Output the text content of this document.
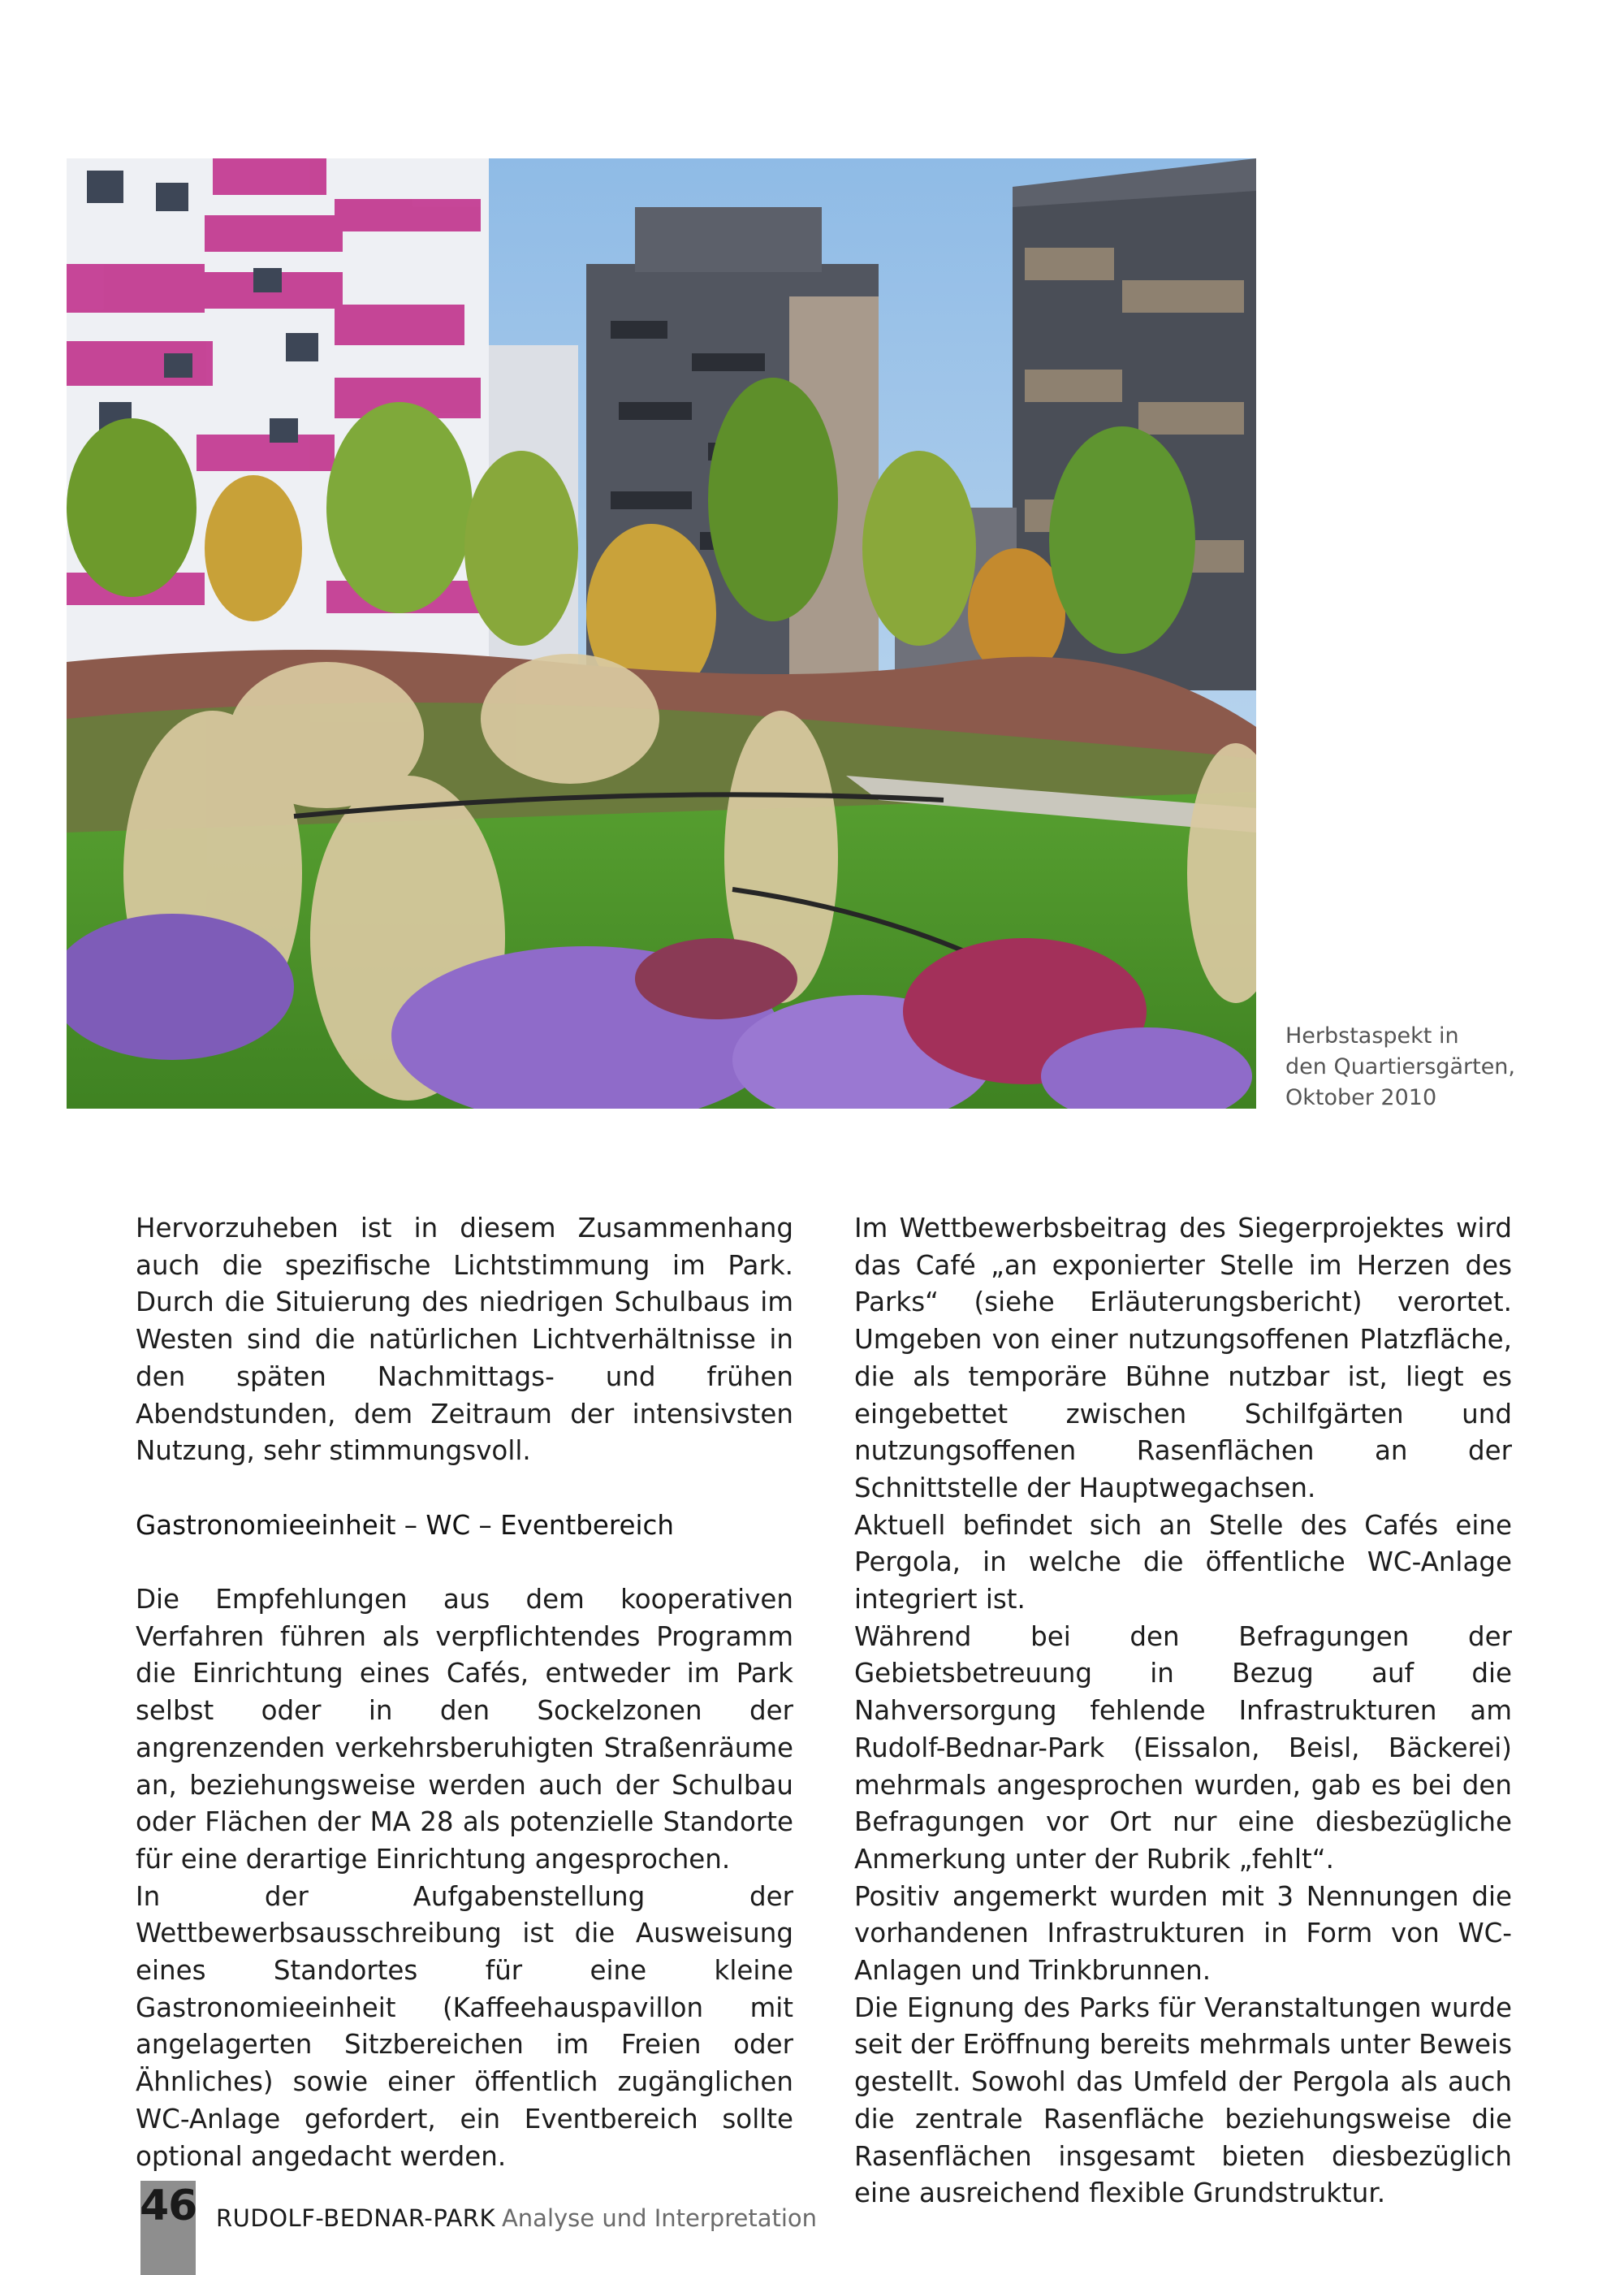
Herbstaspekt in
den Quartiersgärten,
Oktober 2010

Hervorzuheben ist in diesem Zusammenhang auch die spezifische Lichtstimmung im Park. Durch die Situierung des niedrigen Schulbaus im Westen sind die natürlichen Lichtverhältnisse in den späten Nachmittags- und frühen Abendstunden, dem Zeitraum der intensivsten Nutzung, sehr stimmungsvoll.

Gastronomieeinheit – WC – Eventbereich

Die Empfehlungen aus dem kooperativen Verfahren führen als verpflichtendes Programm die Einrichtung eines Cafés, entweder im Park selbst oder in den Sockelzonen der angrenzenden verkehrsberuhigten Straßenräume an, beziehungsweise werden auch der Schulbau oder Flächen der MA 28 als potenzielle Standorte für eine derartige Einrichtung angesprochen.

In der Aufgabenstellung der Wettbewerbsausschreibung ist die Ausweisung eines Standortes für eine kleine Gastronomieeinheit (Kaffeehauspavillon mit angelagerten Sitzbereichen im Freien oder Ähnliches) sowie einer öffentlich zugänglichen WC-Anlage gefordert, ein Eventbereich sollte optional angedacht werden.

Im Wettbewerbsbeitrag des Siegerprojektes wird das Café „an exponierter Stelle im Herzen des Parks“ (siehe Erläuterungsbericht) verortet. Umgeben von einer nutzungsoffenen Platzfläche, die als temporäre Bühne nutzbar ist, liegt es eingebettet zwischen Schilfgärten und nutzungsoffenen Rasenflächen an der Schnittstelle der Hauptwegachsen.

Aktuell befindet sich an Stelle des Cafés eine Pergola, in welche die öffentliche WC-Anlage integriert ist.

Während bei den Befragungen der Gebietsbetreuung in Bezug auf die Nahversorgung fehlende Infrastrukturen am Rudolf-Bednar-Park (Eissalon, Beisl, Bäckerei) mehrmals angesprochen wurden, gab es bei den Befragungen vor Ort nur eine diesbezügliche Anmerkung unter der Rubrik „fehlt“.

Positiv angemerkt wurden mit 3 Nennungen die vorhandenen Infrastrukturen in Form von WC-Anlagen und Trinkbrunnen.

Die Eignung des Parks für Veranstaltungen wurde seit der Eröffnung bereits mehrmals unter Beweis gestellt. Sowohl das Umfeld der Pergola als auch die zentrale Rasenfläche beziehungsweise die Rasenflächen insgesamt bieten diesbezüglich eine ausreichend flexible Grundstruktur.

46 RUDOLF-BEDNAR-PARK Analyse und Interpretation
